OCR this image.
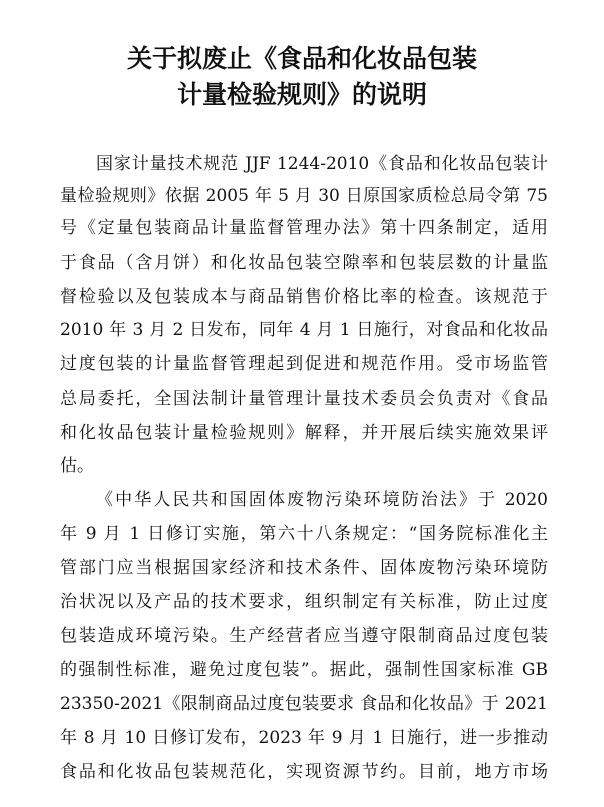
关于拟废止《食品和化妆品包装
计量检验规则》的说明
国家计量技术规范 JJF 1244-2010《食品和化妆品包装计
量检验规则》依据 2005 年 5 月 30 日原国家质检总局令第 75
号《定量包装商品计量监督管理办法》第十四条制定，适用
于食品（含月饼）和化妆品包装空隙率和包装层数的计量监
督检验以及包装成本与商品销售价格比率的检查。该规范于
2010 年 3 月 2 日发布，同年 4 月 1 日施行，对食品和化妆品
过度包装的计量监督管理起到促进和规范作用。受市场监管
总局委托，全国法制计量管理计量技术委员会负责对《食品
和化妆品包装计量检验规则》解释，并开展后续实施效果评
估。
《中华人民共和国固体废物污染环境防治法》于 2020
年 9 月 1 日修订实施，第六十八条规定：“国务院标准化主
管部门应当根据国家经济和技术条件、固体废物污染环境防
治状况以及产品的技术要求，组织制定有关标准，防止过度
包装造成环境污染。生产经营者应当遵守限制商品过度包装
的强制性标准，避免过度包装”。据此，强制性国家标准 GB
23350-2021《限制商品过度包装要求 食品和化妆品》于 2021
年 8 月 10 日修订发布，2023 年 9 月 1 日施行，进一步推动
食品和化妆品包装规范化，实现资源节约。目前，地方市场
